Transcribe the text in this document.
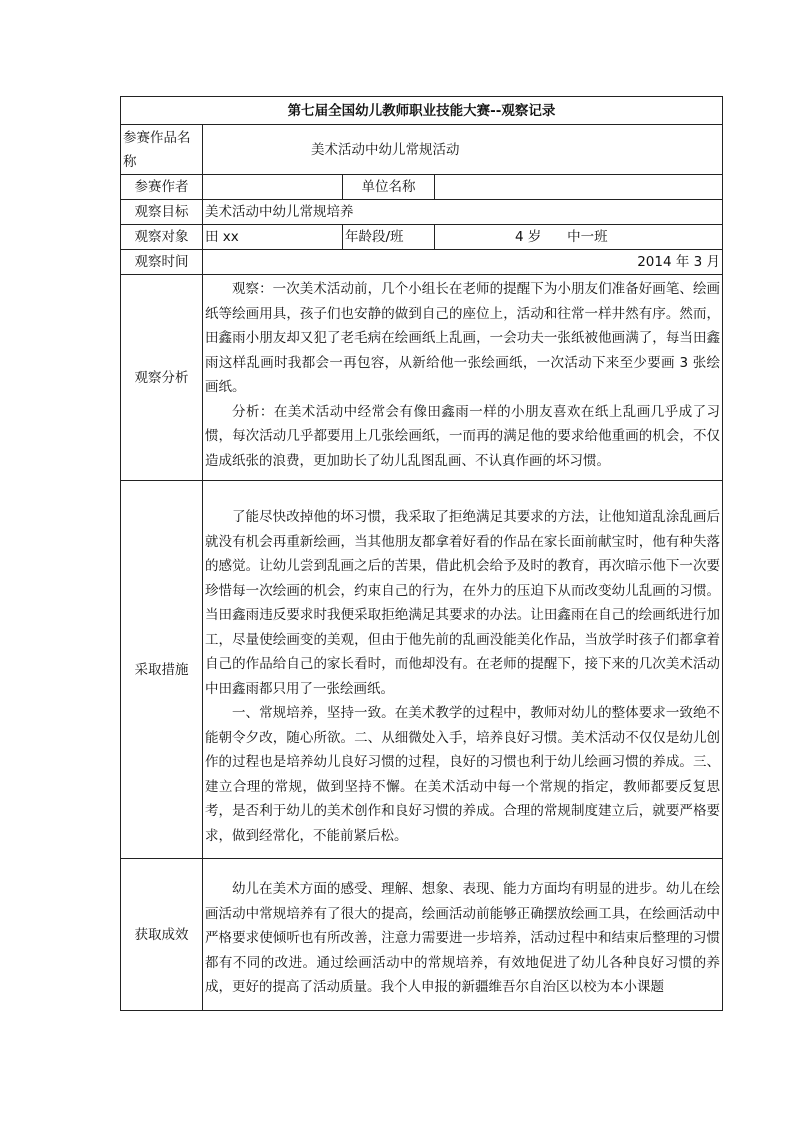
第七届全国幼儿教师职业技能大赛--观察记录			
参赛作品名称	美术活动中幼儿常规活动		
参赛作者		单位名称	
观察目标	美术活动中幼儿常规培养		
观察对象	田 xx	年龄段/班	4 岁      中一班
观察时间	2014 年 3 月		
观察分析	观察：一次美术活动前，几个小组长在老师的提醒下为小朋友们准备好画笔、绘画纸等绘画用具，孩子们也安静的做到自己的座位上，活动和往常一样井然有序。然而，田鑫雨小朋友却又犯了老毛病在绘画纸上乱画，一会功夫一张纸被他画满了，每当田鑫雨这样乱画时我都会一再包容，从新给他一张绘画纸，一次活动下来至少要画 3 张绘画纸。

分析：在美术活动中经常会有像田鑫雨一样的小朋友喜欢在纸上乱画几乎成了习惯，每次活动几乎都要用上几张绘画纸，一而再的满足他的要求给他重画的机会，不仅造成纸张的浪费，更加助长了幼儿乱图乱画、不认真作画的坏习惯。		

采取措施	了能尽快改掉他的坏习惯，我采取了拒绝满足其要求的方法，让他知道乱涂乱画后就没有机会再重新绘画，当其他朋友都拿着好看的作品在家长面前献宝时，他有种失落的感觉。让幼儿尝到乱画之后的苦果，借此机会给予及时的教育，再次暗示他下一次要珍惜每一次绘画的机会，约束自己的行为，在外力的压迫下从而改变幼儿乱画的习惯。当田鑫雨违反要求时我便采取拒绝满足其要求的办法。让田鑫雨在自己的绘画纸进行加工，尽量使绘画变的美观，但由于他先前的乱画没能美化作品，当放学时孩子们都拿着自己的作品给自己的家长看时，而他却没有。在老师的提醒下，接下来的几次美术活动中田鑫雨都只用了一张绘画纸。

一、常规培养，坚持一致。在美术教学的过程中，教师对幼儿的整体要求一致绝不能朝令夕改，随心所欲。二、从细微处入手，培养良好习惯。美术活动不仅仅是幼儿创作的过程也是培养幼儿良好习惯的过程，良好的习惯也利于幼儿绘画习惯的养成。三、建立合理的常规，做到坚持不懈。在美术活动中每一个常规的指定，教师都要反复思考，是否利于幼儿的美术创作和良好习惯的养成。合理的常规制度建立后，就要严格要求，做到经常化，不能前紧后松。		

获取成效	幼儿在美术方面的感受、理解、想象、表现、能力方面均有明显的进步。幼儿在绘画活动中常规培养有了很大的提高，绘画活动前能够正确摆放绘画工具，在绘画活动中严格要求使倾听也有所改善，注意力需要进一步培养，活动过程中和结束后整理的习惯都有不同的改进。通过绘画活动中的常规培养，有效地促进了幼儿各种良好习惯的养成，更好的提高了活动质量。我个人申报的新疆维吾尔自治区以校为本小课题		
